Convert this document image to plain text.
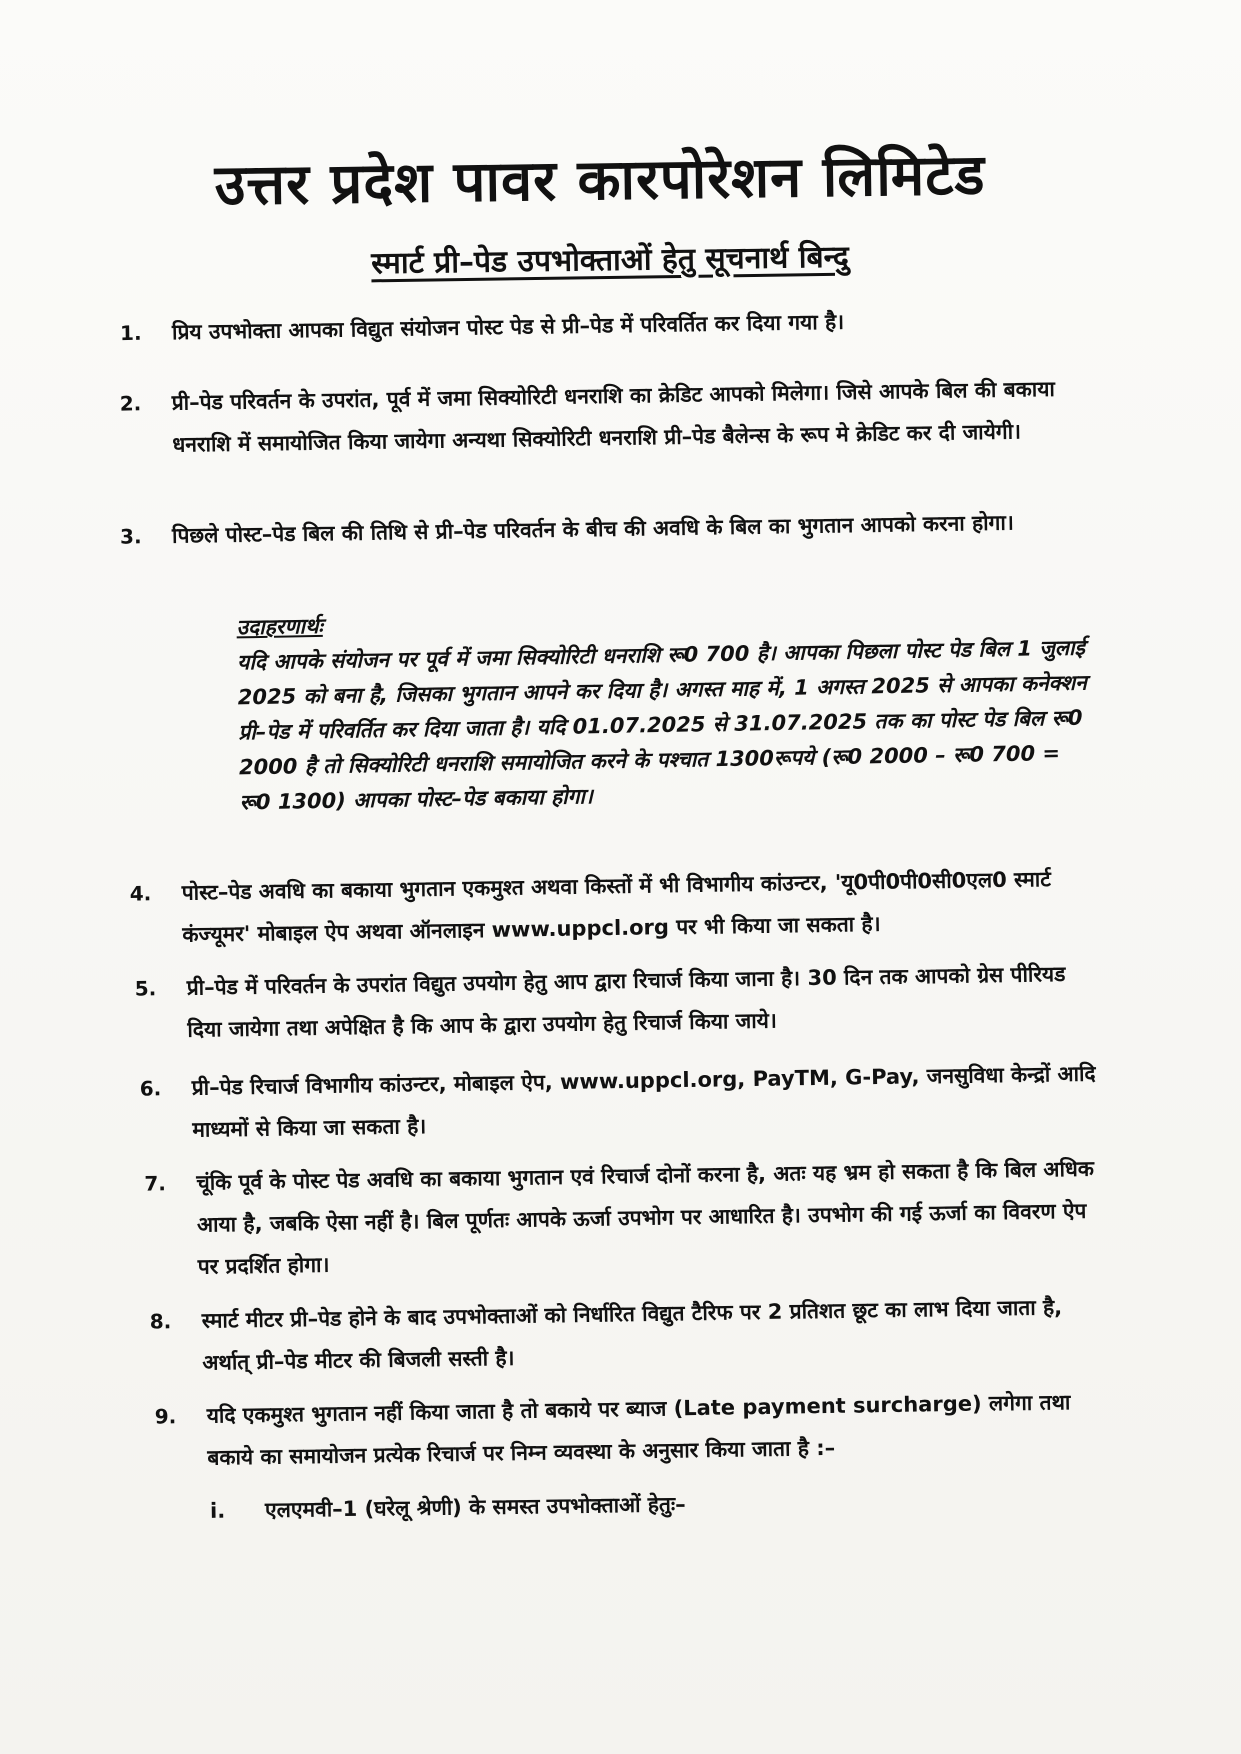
उत्तर प्रदेश पावर कारपोरेशन लिमिटेड
स्मार्ट प्री–पेड उपभोक्ताओं हेतु सूचनार्थ बिन्दु
1.	प्रिय उपभोक्ता आपका विद्युत संयोजन पोस्ट पेड से प्री–पेड में परिवर्तित कर दिया गया है।
2.	प्री–पेड परिवर्तन के उपरांत, पूर्व में जमा सिक्योरिटी धनराशि का क्रेडिट आपको मिलेगा। जिसे आपके बिल की बकाया धनराशि में समायोजित किया जायेगा अन्यथा सिक्योरिटी धनराशि प्री–पेड बैलेन्स के रूप मे क्रेडिट कर दी जायेगी।
3.	पिछले पोस्ट–पेड बिल की तिथि से प्री–पेड परिवर्तन के बीच की अवधि के बिल का भुगतान आपको करना होगा।
उदाहरणार्थः
यदि आपके संयोजन पर पूर्व में जमा सिक्योरिटी धनराशि रू0 700 है। आपका पिछला पोस्ट पेड बिल 1 जुलाई 2025 को बना है, जिसका भुगतान आपने कर दिया है। अगस्त माह में, 1 अगस्त 2025 से आपका कनेक्शन प्री–पेड में परिवर्तित कर दिया जाता है। यदि 01.07.2025 से 31.07.2025 तक का पोस्ट पेड बिल रू0 2000 है तो सिक्योरिटी धनराशि समायोजित करने के पश्चात 1300रूपये (रू0 2000 – रू0 700 = रू0 1300) आपका पोस्ट–पेड बकाया होगा।
4.	पोस्ट–पेड अवधि का बकाया भुगतान एकमुश्त अथवा किस्तों में भी विभागीय कांउन्टर, 'यू0पी0पी0सी0एल0 स्मार्ट कंज्यूमर' मोबाइल ऐप अथवा ऑनलाइन www.uppcl.org पर भी किया जा सकता है।
5.	प्री–पेड में परिवर्तन के उपरांत विद्युत उपयोग हेतु आप द्वारा रिचार्ज किया जाना है। 30 दिन तक आपको ग्रेस पीरियड दिया जायेगा तथा अपेक्षित है कि आप के द्वारा उपयोग हेतु रिचार्ज किया जाये।
6.	प्री–पेड रिचार्ज विभागीय कांउन्टर, मोबाइल ऐप, www.uppcl.org, PayTM, G-Pay, जनसुविधा केन्द्रों आदि माध्यमों से किया जा सकता है।
7.	चूंकि पूर्व के पोस्ट पेड अवधि का बकाया भुगतान एवं रिचार्ज दोनों करना है, अतः यह भ्रम हो सकता है कि बिल अधिक आया है, जबकि ऐसा नहीं है। बिल पूर्णतः आपके ऊर्जा उपभोग पर आधारित है। उपभोग की गई ऊर्जा का विवरण ऐप पर प्रदर्शित होगा।
8.	स्मार्ट मीटर प्री–पेड होने के बाद उपभोक्ताओं को निर्धारित विद्युत टैरिफ पर 2 प्रतिशत छूट का लाभ दिया जाता है, अर्थात् प्री–पेड मीटर की बिजली सस्ती है।
9.	यदि एकमुश्त भुगतान नहीं किया जाता है तो बकाये पर ब्याज (Late payment surcharge) लगेगा तथा बकाये का समायोजन प्रत्येक रिचार्ज पर निम्न व्यवस्था के अनुसार किया जाता है :–
i.	एलएमवी–1 (घरेलू श्रेणी) के समस्त उपभोक्ताओं हेतुः–
